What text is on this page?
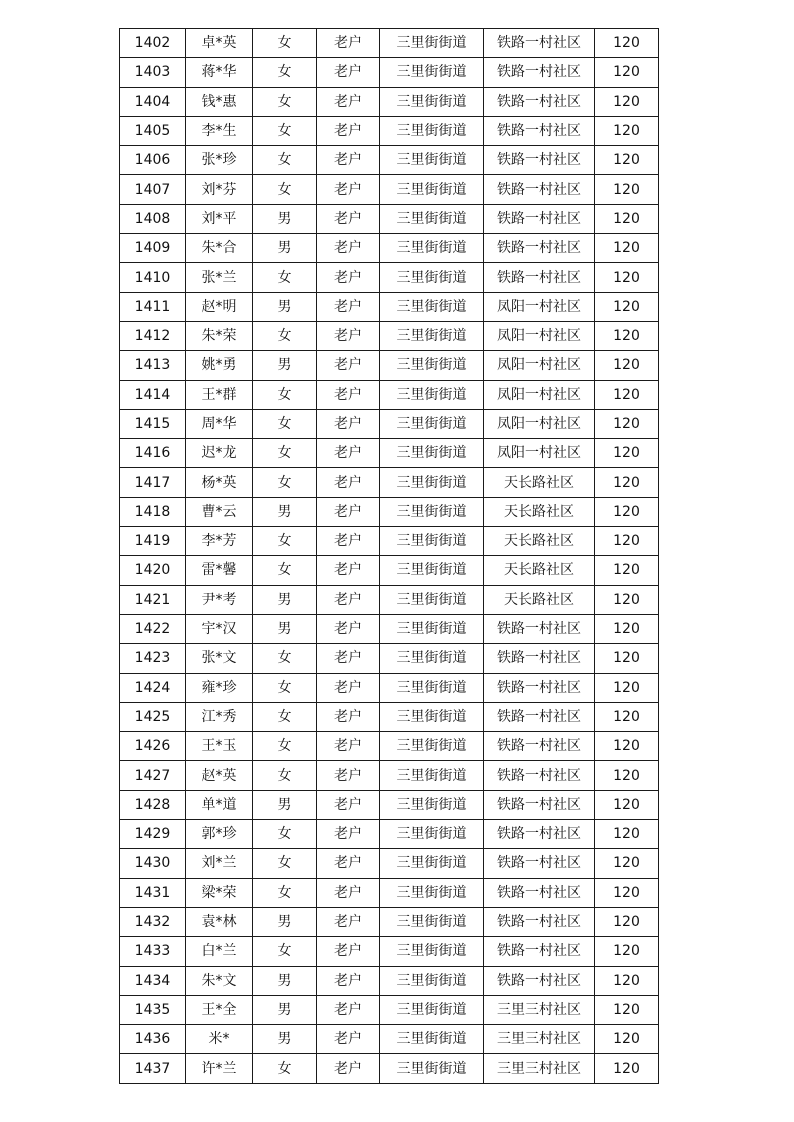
1402	卓*英	女	老户	三里街街道	铁路一村社区	120
1403	蒋*华	女	老户	三里街街道	铁路一村社区	120
1404	钱*惠	女	老户	三里街街道	铁路一村社区	120
1405	李*生	女	老户	三里街街道	铁路一村社区	120
1406	张*珍	女	老户	三里街街道	铁路一村社区	120
1407	刘*芬	女	老户	三里街街道	铁路一村社区	120
1408	刘*平	男	老户	三里街街道	铁路一村社区	120
1409	朱*合	男	老户	三里街街道	铁路一村社区	120
1410	张*兰	女	老户	三里街街道	铁路一村社区	120
1411	赵*明	男	老户	三里街街道	凤阳一村社区	120
1412	朱*荣	女	老户	三里街街道	凤阳一村社区	120
1413	姚*勇	男	老户	三里街街道	凤阳一村社区	120
1414	王*群	女	老户	三里街街道	凤阳一村社区	120
1415	周*华	女	老户	三里街街道	凤阳一村社区	120
1416	迟*龙	女	老户	三里街街道	凤阳一村社区	120
1417	杨*英	女	老户	三里街街道	天长路社区	120
1418	曹*云	男	老户	三里街街道	天长路社区	120
1419	李*芳	女	老户	三里街街道	天长路社区	120
1420	雷*馨	女	老户	三里街街道	天长路社区	120
1421	尹*考	男	老户	三里街街道	天长路社区	120
1422	宇*汉	男	老户	三里街街道	铁路一村社区	120
1423	张*文	女	老户	三里街街道	铁路一村社区	120
1424	雍*珍	女	老户	三里街街道	铁路一村社区	120
1425	江*秀	女	老户	三里街街道	铁路一村社区	120
1426	王*玉	女	老户	三里街街道	铁路一村社区	120
1427	赵*英	女	老户	三里街街道	铁路一村社区	120
1428	单*道	男	老户	三里街街道	铁路一村社区	120
1429	郭*珍	女	老户	三里街街道	铁路一村社区	120
1430	刘*兰	女	老户	三里街街道	铁路一村社区	120
1431	梁*荣	女	老户	三里街街道	铁路一村社区	120
1432	袁*林	男	老户	三里街街道	铁路一村社区	120
1433	白*兰	女	老户	三里街街道	铁路一村社区	120
1434	朱*文	男	老户	三里街街道	铁路一村社区	120
1435	王*全	男	老户	三里街街道	三里三村社区	120
1436	米*	男	老户	三里街街道	三里三村社区	120
1437	许*兰	女	老户	三里街街道	三里三村社区	120
